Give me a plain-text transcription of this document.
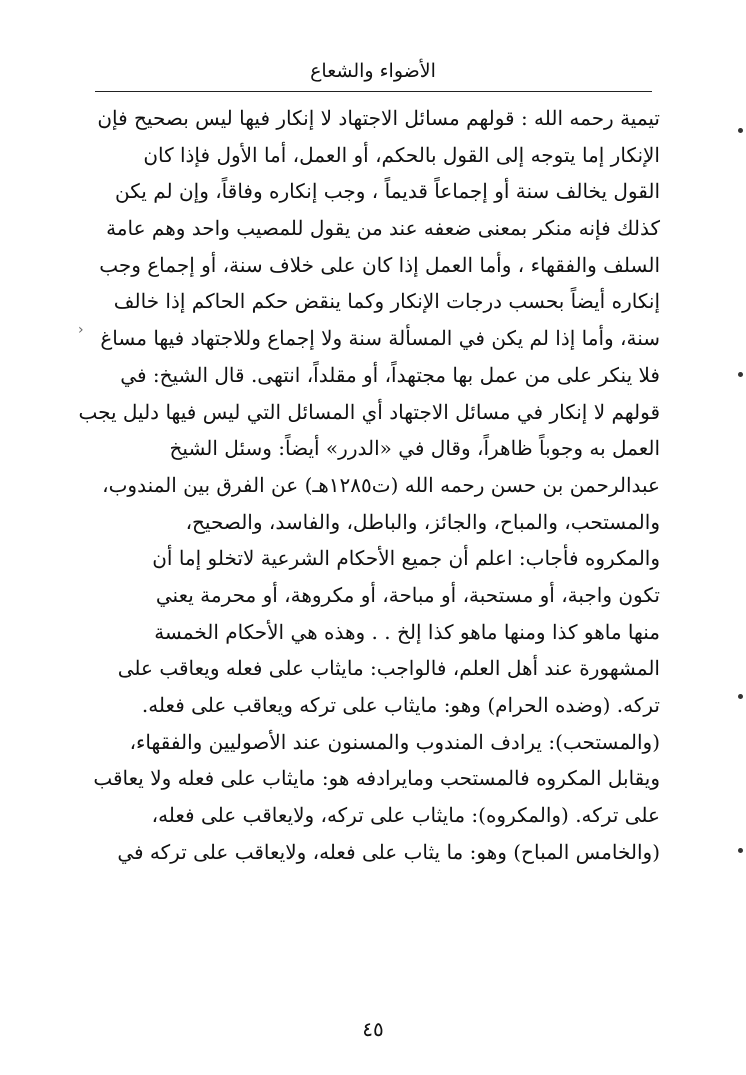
الأضواء والشعاع
تيمية رحمه الله : قولهم مسائل الاجتهاد لا إنكار فيها ليس بصحيح فإن
الإنكار إما يتوجه إلى القول بالحكم، أو العمل، أما الأول فإذا كان
القول يخالف سنة أو إجماعاً قديماً ، وجب إنكاره وفاقاً، وإن لم يكن
كذلك فإنه منكر بمعنى ضعفه عند من يقول للمصيب واحد وهم عامة
السلف والفقهاء ، وأما العمل إذا كان على خلاف سنة، أو إجماع وجب
إنكاره أيضاً بحسب درجات الإنكار وكما ينقض حكم الحاكم إذا خالف
سنة، وأما إذا لم يكن في المسألة سنة ولا إجماع وللاجتهاد فيها مساغ
فلا ينكر على من عمل بها مجتهداً، أو مقلداً، انتهى. قال الشيخ: في
قولهم لا إنكار في مسائل الاجتهاد أي المسائل التي ليس فيها دليل يجب
العمل به وجوباً ظاهراً، وقال في «الدرر» أيضاً: وسئل الشيخ
عبدالرحمن بن حسن رحمه الله (ت١٢٨٥هـ) عن الفرق بين المندوب،
والمستحب، والمباح، والجائز، والباطل، والفاسد، والصحيح،
والمكروه فأجاب: اعلم أن جميع الأحكام الشرعية لاتخلو إما أن
تكون واجبة، أو مستحبة، أو مباحة، أو مكروهة، أو محرمة يعني
منها ماهو كذا ومنها ماهو كذا إلخ . . وهذه هي الأحكام الخمسة
المشهورة عند أهل العلم، فالواجب: مايثاب على فعله ويعاقب على
تركه. (وضده الحرام) وهو: مايثاب على تركه ويعاقب على فعله.
(والمستحب): يرادف المندوب والمسنون عند الأصوليين والفقهاء،
ويقابل المكروه فالمستحب ومايرادفه هو: مايثاب على فعله ولا يعاقب
على تركه. (والمكروه): مايثاب على تركه، ولايعاقب على فعله،
(والخامس المباح) وهو: ما يثاب على فعله، ولايعاقب على تركه في
٤٥
›
